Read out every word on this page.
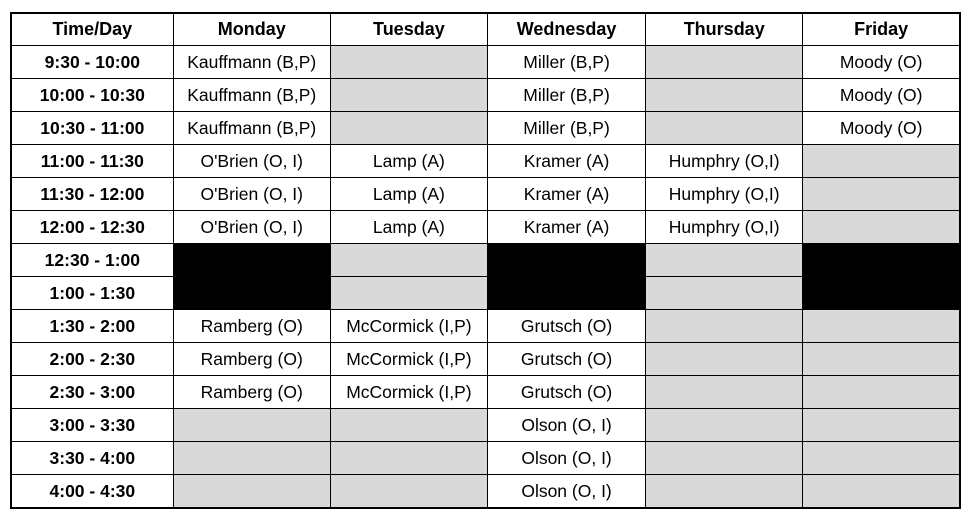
Time/Day	Monday	Tuesday	Wednesday	Thursday	Friday
9:30 - 10:00	Kauffmann (B,P)		Miller (B,P)		Moody (O)
10:00 - 10:30	Kauffmann (B,P)		Miller (B,P)		Moody (O)
10:30 - 11:00	Kauffmann (B,P)		Miller (B,P)		Moody (O)
11:00 - 11:30	O'Brien (O, I)	Lamp (A)	Kramer (A)	Humphry (O,I)	
11:30 - 12:00	O'Brien (O, I)	Lamp (A)	Kramer (A)	Humphry (O,I)	
12:00 - 12:30	O'Brien (O, I)	Lamp (A)	Kramer (A)	Humphry (O,I)	
12:30 - 1:00					
1:00 - 1:30					
1:30 - 2:00	Ramberg (O)	McCormick (I,P)	Grutsch (O)		
2:00 - 2:30	Ramberg (O)	McCormick (I,P)	Grutsch (O)		
2:30 - 3:00	Ramberg (O)	McCormick (I,P)	Grutsch (O)		
3:00 - 3:30			Olson (O, I)		
3:30 - 4:00			Olson (O, I)		
4:00 - 4:30			Olson (O, I)		
